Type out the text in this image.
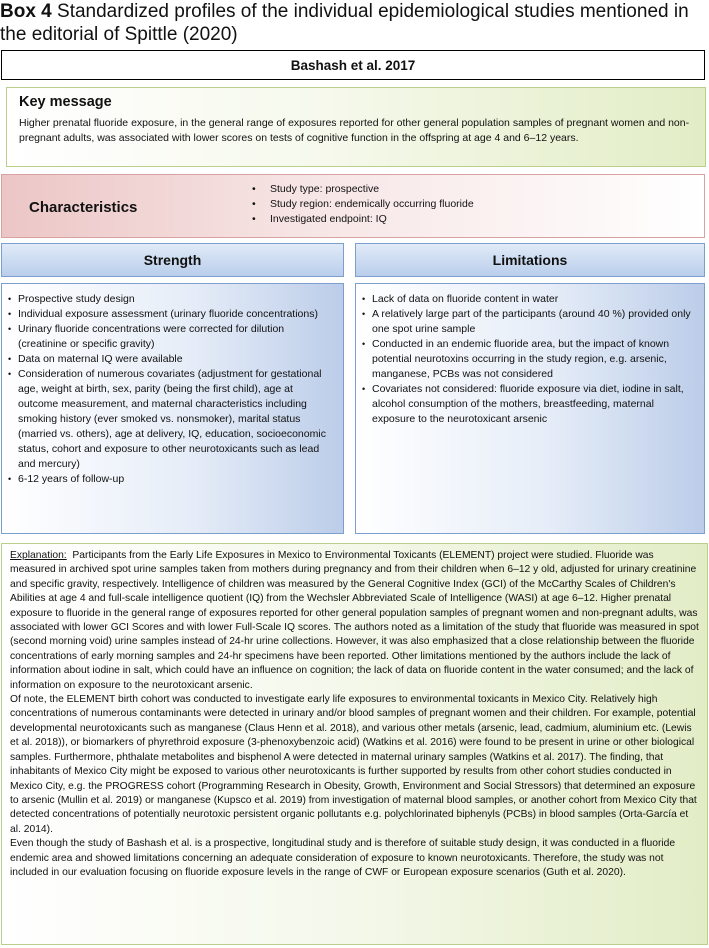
Box 4 Standardized profiles of the individual epidemiological studies mentioned in the editorial of Spittle (2020)
Bashash et al. 2017
Key message
Higher prenatal fluoride exposure, in the general range of exposures reported for other general population samples of pregnant women and non-pregnant adults, was associated with lower scores on tests of cognitive function in the offspring at age 4 and 6–12 years.
Characteristics
• Study type: prospective
• Study region: endemically occurring fluoride
• Investigated endpoint: IQ
Strength	Limitations
• Prospective study design
• Individual exposure assessment (urinary fluoride concentrations)
• Urinary fluoride concentrations were corrected for dilution (creatinine or specific gravity)
• Data on maternal IQ were available
• Consideration of numerous covariates (adjustment for gestational age, weight at birth, sex, parity (being the first child), age at outcome measurement, and maternal characteristics including smoking history (ever smoked vs. nonsmoker), marital status (married vs. others), age at delivery, IQ, education, socioeconomic status, cohort and exposure to other neurotoxicants such as lead and mercury)
• 6-12 years of follow-up
• Lack of data on fluoride content in water
• A relatively large part of the participants (around 40 %) provided only one spot urine sample
• Conducted in an endemic fluoride area, but the impact of known potential neurotoxins occurring in the study region, e.g. arsenic, manganese, PCBs was not considered
• Covariates not considered: fluoride exposure via diet, iodine in salt, alcohol consumption of the mothers, breastfeeding, maternal exposure to the neurotoxicant arsenic

Explanation: Participants from the Early Life Exposures in Mexico to Environmental Toxicants (ELEMENT) project were studied. Fluoride was measured in archived spot urine samples taken from mothers during pregnancy and from their children when 6–12 y old, adjusted for urinary creatinine and specific gravity, respectively. Intelligence of children was measured by the General Cognitive Index (GCI) of the McCarthy Scales of Children's Abilities at age 4 and full-scale intelligence quotient (IQ) from the Wechsler Abbreviated Scale of Intelligence (WASI) at age 6–12. Higher prenatal exposure to fluoride in the general range of exposures reported for other general population samples of pregnant women and non-pregnant adults, was associated with lower GCI Scores and with lower Full-Scale IQ scores. The authors noted as a limitation of the study that fluoride was measured in spot (second morning void) urine samples instead of 24-hr urine collections. However, it was also emphasized that a close relationship between the fluoride concentrations of early morning samples and 24-hr specimens have been reported. Other limitations mentioned by the authors include the lack of information about iodine in salt, which could have an influence on cognition; the lack of data on fluoride content in the water consumed; and the lack of information on exposure to the neurotoxicant arsenic.

Of note, the ELEMENT birth cohort was conducted to investigate early life exposures to environmental toxicants in Mexico City. Relatively high concentrations of numerous contaminants were detected in urinary and/or blood samples of pregnant women and their children. For example, potential developmental neurotoxicants such as manganese (Claus Henn et al. 2018), and various other metals (arsenic, lead, cadmium, aluminium etc. (Lewis et al. 2018)), or biomarkers of phyrethroid exposure (3-phenoxybenzoic acid) (Watkins et al. 2016) were found to be present in urine or other biological samples. Furthermore, phthalate metabolites and bisphenol A were detected in maternal urinary samples (Watkins et al. 2017). The finding, that inhabitants of Mexico City might be exposed to various other neurotoxicants is further supported by results from other cohort studies conducted in Mexico City, e.g. the PROGRESS cohort (Programming Research in Obesity, Growth, Environment and Social Stressors) that determined an exposure to arsenic (Mullin et al. 2019) or manganese (Kupsco et al. 2019) from investigation of maternal blood samples, or another cohort from Mexico City that detected concentrations of potentially neurotoxic persistent organic pollutants e.g. polychlorinated biphenyls (PCBs) in blood samples (Orta-García et al. 2014).

Even though the study of Bashash et al. is a prospective, longitudinal study and is therefore of suitable study design, it was conducted in a fluoride endemic area and showed limitations concerning an adequate consideration of exposure to known neurotoxicants. Therefore, the study was not included in our evaluation focusing on fluoride exposure levels in the range of CWF or European exposure scenarios (Guth et al. 2020).
